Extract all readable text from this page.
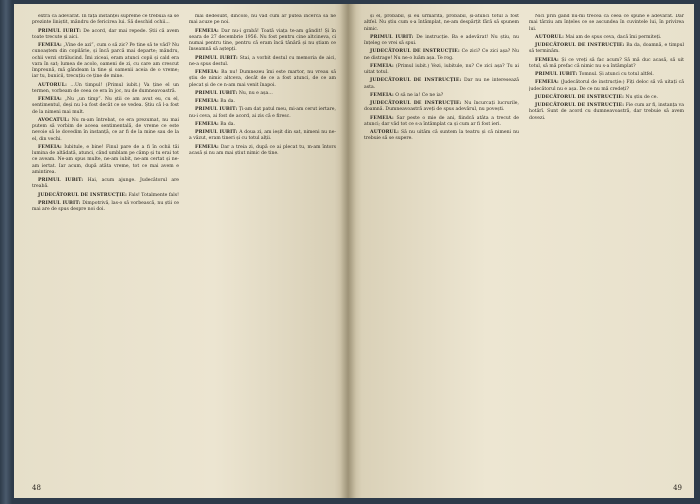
extra ca adevărat. În fața instanței supreme ce trebuia să se prezinte liniștit, mândru de fericirea lui. Să deschid ochii...

PRIMUL IUBIT: De acord, dar mai repede. Știi că avem toate trecute și aici.

FEMEIA: „Vine de azi”, cum o să zic? Pe tine să te văd? Nu cunoaștem din copilărie, și încă parcă mai departe; mândru, ochii verzi strălucind. Îmi ziceai, eram atunci copii și cald era vara în sat; lumea de acolo, oameni de zi, cu care am crescut împreună, mă gândeam la tine și oamenii aceia de o vreme; iar tu, bunicii, trecuțiu ce ține de mine.

AUTORUL: …Un timpul! (Primul iubit.) Va ține el un termen, vorbeam de ceea ce era în joc, nu de dumneavoastră.

FEMEIA: „Nu „un timp”. Nu știi ce am avut eu, cu el, sentimentul, deși nu l-a fost decât ce se vedea. Știu că l-a fost de la nimeni mai mult.

AVOCATUL: Nu m-am întrebat, ce era prezumat, nu mai putem să vorbim de aceea sentimentală, de vreme ce este nevoie să le dovedim în instanță, ce ar fi de la mine sau de la el, din vechi.

FEMEIA: Iubitule, e bine! Finul pare de a fi în ochii tăi lumina de altădată, atunci, când umblam pe câmp și tu erai tot ce aveam. Ne-am spus multe, ne-am iubit, ne-am certat și ne-am iertat. Iar acum, după atâta vreme, tot ce mai avem e amintirea.

PRIMUL IUBIT: Hai, acum ajunge. Judecătorul are treabă.

JUDECĂTORUL DE INSTRUCȚIE: Fals! Totalmente fals!

PRIMUL IUBIT: Dimpotrivă, las-o să vorbească, nu știi ce mai are de spus despre noi doi.

mai dedesubt, dincolo, nu văd cum ar putea încerca să ne mai acuze pe noi.

FEMEIA: Dar nu-i grabă! Toată viața te-am gândit! Și în seara de 27 decembrie 1956. Nu fost pentru cine altcineva, ci numai pentru tine, pentru că eram încă tânără și nu știam ce înseamnă să aștepți.

PRIMUL IUBIT: Stai, a vorbit destul cu memoria de aici, ne-a spus destul.

FEMEIA: Ba nu! Dumnezeu îmi este martor, nu vreau să știu de nimic altceva, decât de ce a fost atunci, de ce am plecat și de ce n-am mai venit înapoi.

PRIMUL IUBIT: Nu, nu e așa…

FEMEIA: Ba da.

PRIMUL IUBIT: Ți-am dat patul meu, mi-am cerut iertare, nu-i ceva, ai fost de acord, ai zis că e firesc.

FEMEIA: Ba da.

PRIMUL IUBIT: A doua zi, am ieșit din sat, nimeni nu ne-a văzut, eram tineri și cu totul alții.

FEMEIA: Dar a treia zi, după ce ai plecat tu, m-am întors acasă și nu am mai știut nimic de tine.

48

și el, probabil, și eu urmărită, probabil, și-atunci totul a fost altfel. Nu știu cum s-a întâmplat, ne-am despărțit fără să spunem nimic.

PRIMUL IUBIT: De instrucție. Ba e adevărat! Nu știu, nu înțeleg ce vrei să spui.

JUDECĂTORUL DE INSTRUCȚIE: Ce zici? Ce zici așa? Nu ne distrage! Nu ne-o luăm așa. Te rog.

FEMEIA: (Primul iubit.) Vezi, iubitule, nu? Ce zici așa? Tu ai uitat totul.

JUDECĂTORUL DE INSTRUCȚIE: Dar nu ne interesează asta.

FEMEIA: O să ne ia! Ce ne ia?

JUDECĂTORUL DE INSTRUCȚIE: Nu încurcați lucrurile, doamnă. Dumneavoastră aveți de spus adevărul, nu povești.

FEMEIA: Sar peste o mie de ani, fiindcă atâta a trecut de atunci; dar văd tot ce s-a întâmplat ca și cum ar fi fost ieri.

AUTORUL: Să nu uităm că suntem la teatru și că nimeni nu trebuie să se supere.

Nici prin gând nu-mi trecea că ceea ce spune e adevărat. Dar mai târziu am înțeles ce se ascundea în cuvintele lui, în privirea lui.

AUTORUL: Mai am de spus ceva, dacă îmi permiteți.

JUDECĂTORUL DE INSTRUCȚIE: Ba da, doamnă, e timpul să terminăm.

FEMEIA: Și ce vreți să fac acum? Să mă duc acasă, să uit totul, să mă prefac că nimic nu s-a întâmplat?

PRIMUL IUBIT: Tomnul. Și atunci cu totul altfel.

FEMEIA: (Judecătorul de instrucție:) Fiți deloc să vă uitați că judecătorul nu e așa. De ce nu mă credeți?

JUDECĂTORUL DE INSTRUCȚIE: Nu știu de ce.

JUDECĂTORUL DE INSTRUCȚIE: Fie cum ar fi, instanța va hotărî. Sunt de acord cu dumneavoastră, dar trebuie să avem dovezi.

49
